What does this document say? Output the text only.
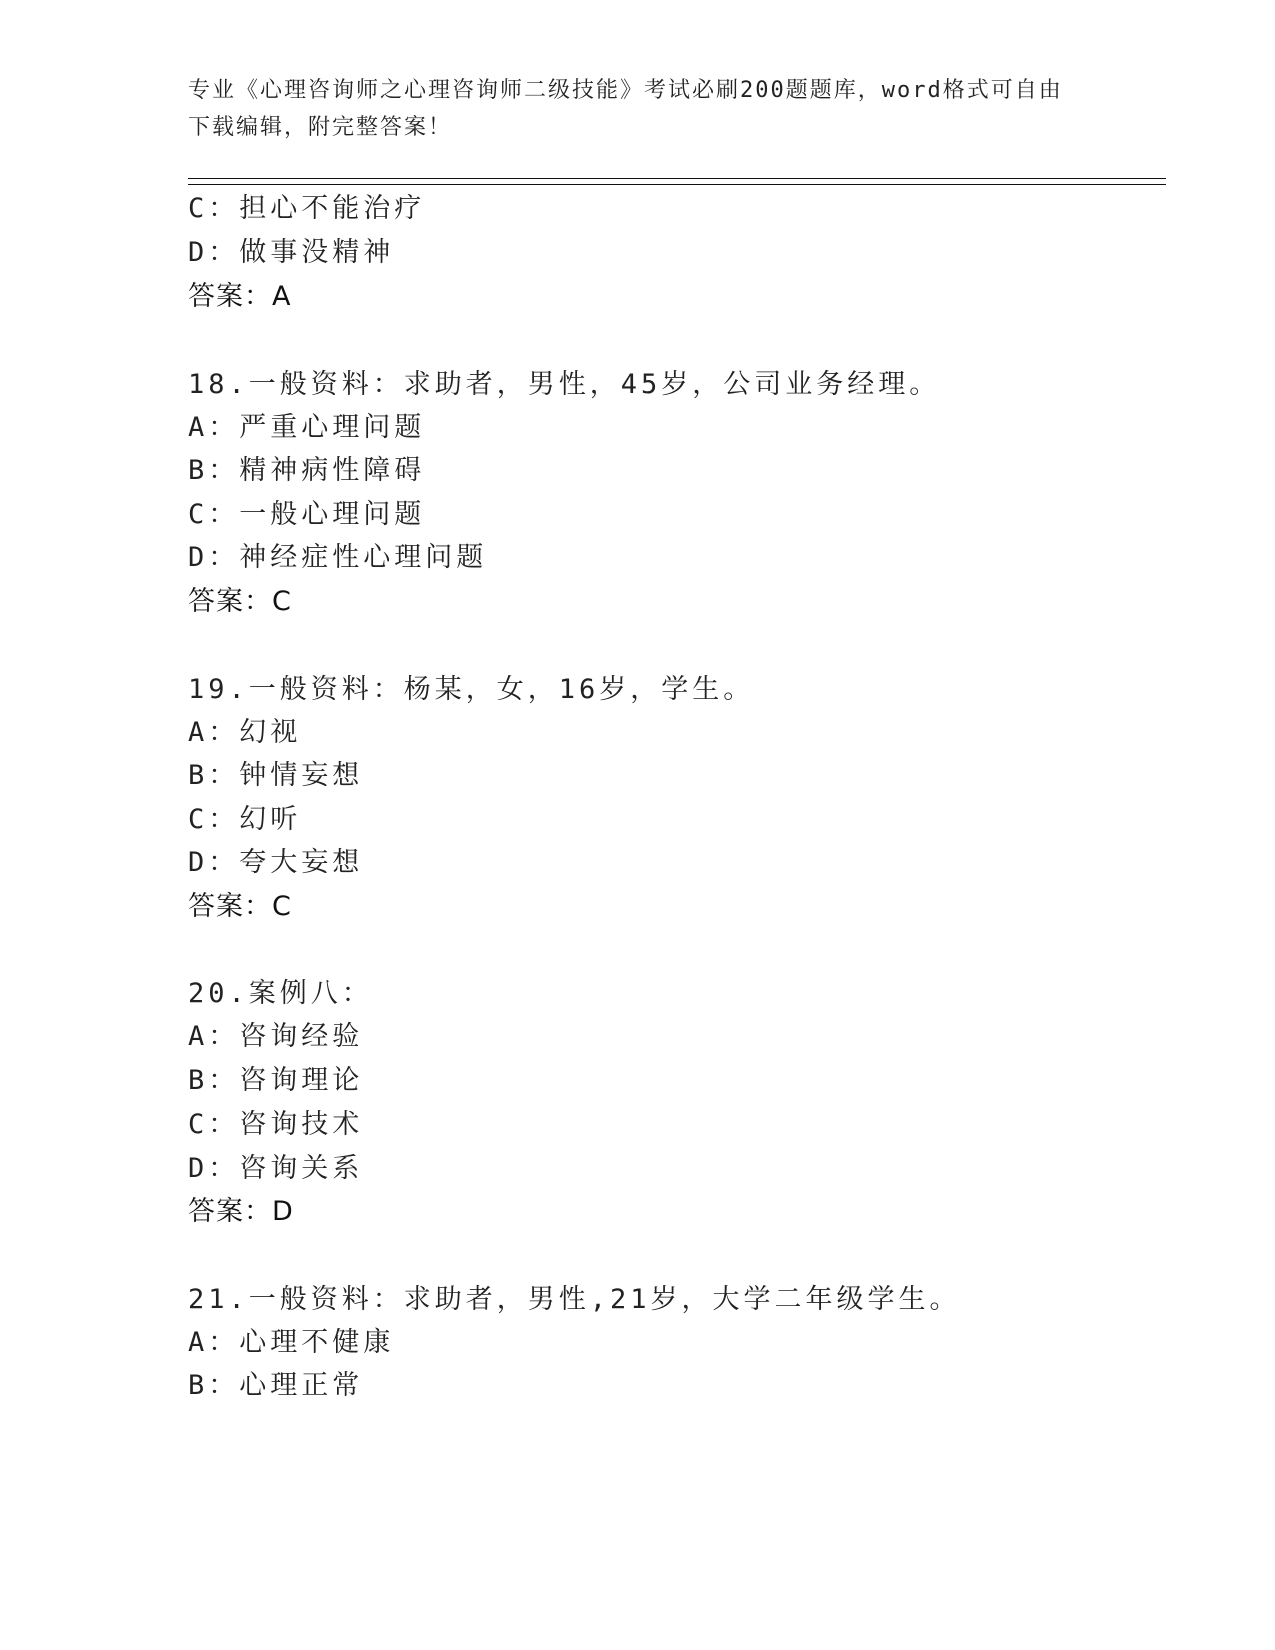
专业《心理咨询师之心理咨询师二级技能》考试必刷200题题库，word格式可自由下载编辑，附完整答案！
C：担心不能治疗
D：做事没精神
答案：A
18.一般资料：求助者，男性，45岁，公司业务经理。
A：严重心理问题
B：精神病性障碍
C：一般心理问题
D：神经症性心理问题
答案：C
19.一般资料：杨某，女，16岁，学生。
A：幻视
B：钟情妄想
C：幻听
D：夸大妄想
答案：C
20.案例八：
A：咨询经验
B：咨询理论
C：咨询技术
D：咨询关系
答案：D
21.一般资料：求助者，男性,21岁，大学二年级学生。
A：心理不健康
B：心理正常
